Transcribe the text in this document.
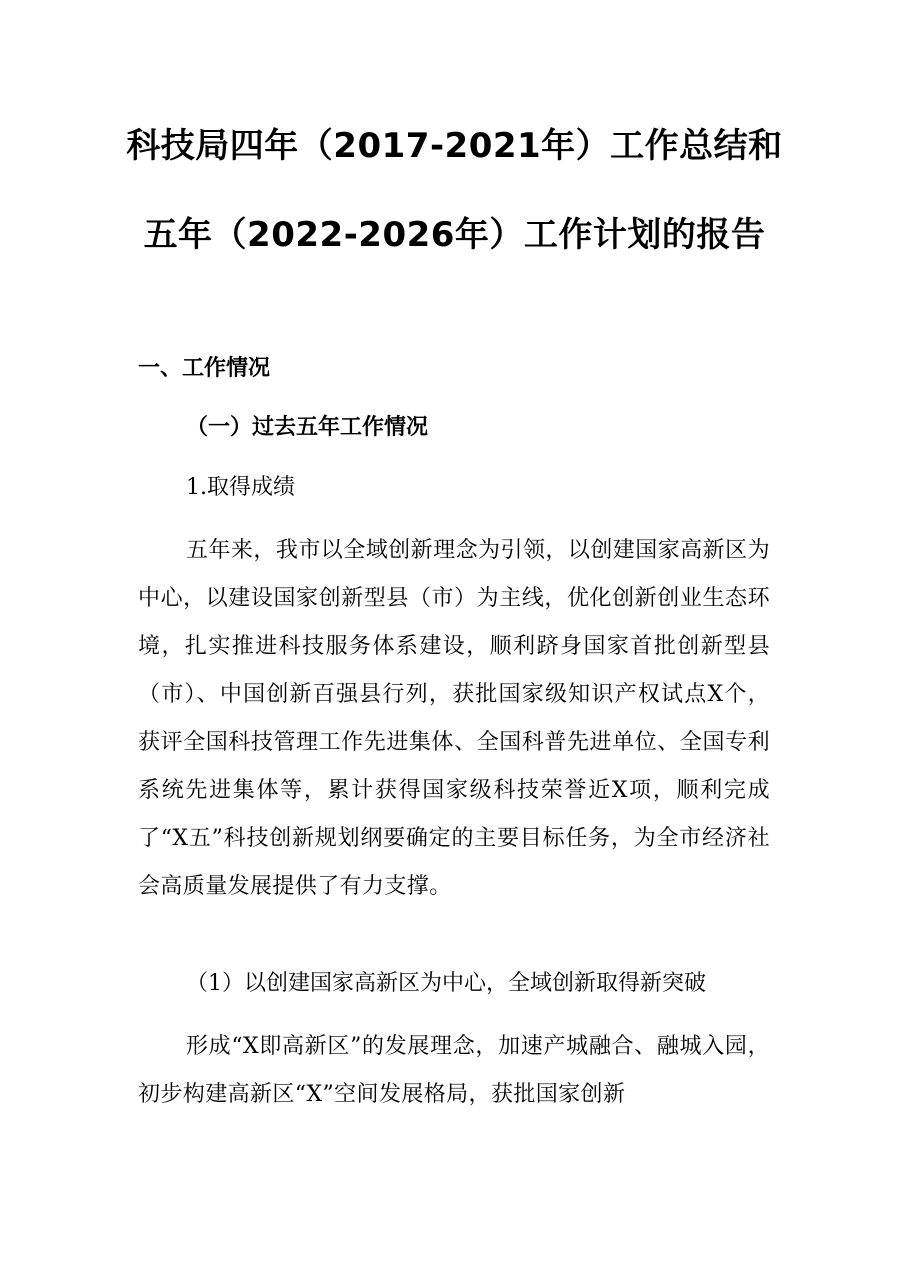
科技局四年（2017-2021年）工作总结和
五年（2022-2026年）工作计划的报告
一、工作情况
（一）过去五年工作情况
1.取得成绩

五年来，我市以全域创新理念为引领，以创建国家高新区为中心，以建设国家创新型县（市）为主线，优化创新创业生态环境，扎实推进科技服务体系建设，顺利跻身国家首批创新型县（市）、中国创新百强县行列，获批国家级知识产权试点X个，获评全国科技管理工作先进集体、全国科普先进单位、全国专利系统先进集体等，累计获得国家级科技荣誉近X项，顺利完成了“X五”科技创新规划纲要确定的主要目标任务，为全市经济社会高质量发展提供了有力支撑。

（1）以创建国家高新区为中心，全域创新取得新突破

形成“X即高新区”的发展理念，加速产城融合、融城入园，初步构建高新区“X”空间发展格局，获批国家创新
